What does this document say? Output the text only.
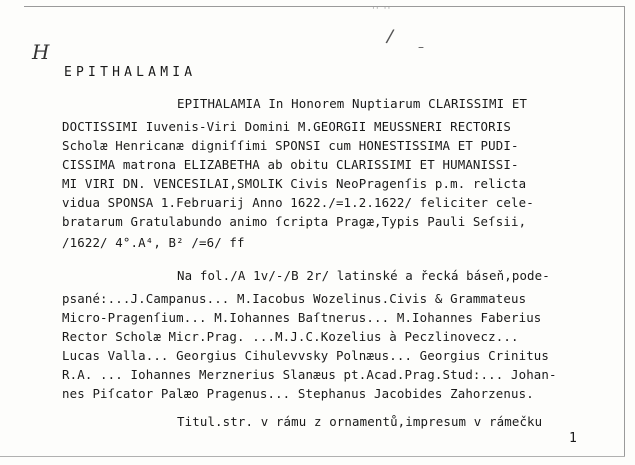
H
/ –
·· ··
EPITHALAMIA
EPITHALAMIA In Honorem Nuptiarum CLARISSIMI ET
DOCTISSIMI Iuvenis-Viri Domini M.GEORGII MEUSSNERI RECTORIS
Scholæ Henricanæ digniſſimi SPONSI cum HONESTISSIMA ET PUDI-
CISSIMA matrona ELIZABETHA ab obitu CLARISSIMI ET HUMANISSI-
MI VIRI DN. VENCESILAI,SMOLIK Civis NeoPragenſis p.m. relicta
vidua SPONSA 1.Februarij Anno 1622./=1.2.1622/ feliciter cele-
bratarum Gratulabundo animo ſcripta Pragæ,Typis Pauli Seſsii,
/1622/ 4°.A⁴, B² /=6/ ff
Na fol./A 1v/-/B 2r/ latinské a řecká báseň,pode-
psané:...J.Campanus... M.Iacobus Wozelinus.Civis & Grammateus
Micro-Pragenſium... M.Iohannes Baſtnerus... M.Iohannes Faberius
Rector Scholæ Micr.Prag. ...M.J.C.Kozelius à Peczlinovecz...
Lucas Valla... Georgius Cihulevvsky Polnæus... Georgius Crinitus
R.A. ... Iohannes Merznerius Slanæus pt.Acad.Prag.Stud:... Johan-
nes Piſcator Palæo Pragenus... Stephanus Jacobides Zahorzenus.
Titul.str. v rámu z ornamentů,impresum v rámečku
1
